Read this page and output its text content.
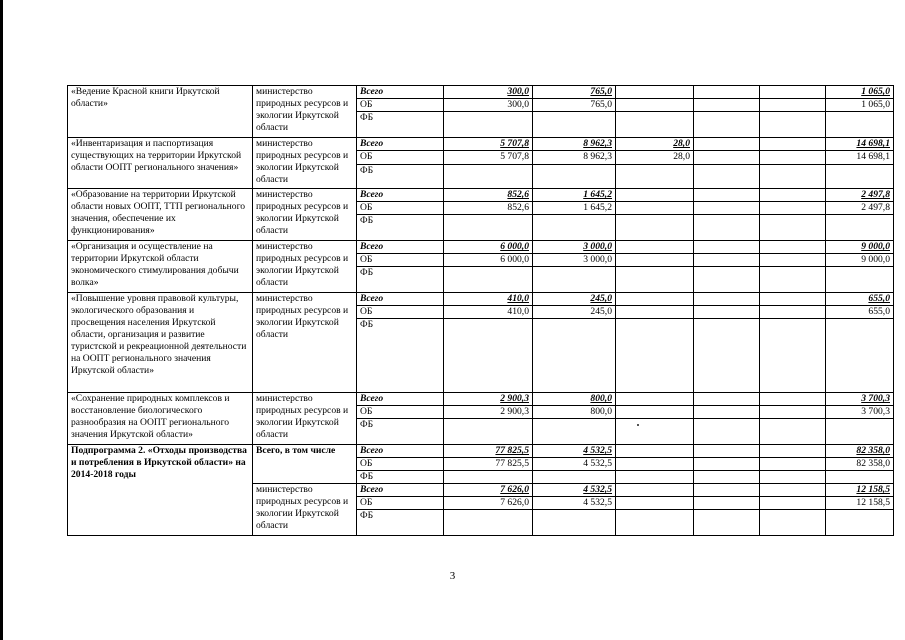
«Ведение Красной книги Иркутской области»	министерство природных ресурсов и экологии Иркутской области	Всего	300,0	765,0				1 065,0
		ОБ	300,0	765,0				1 065,0
		ФБ						
«Инвентаризация и паспортизация существующих на территории Иркутской области ООПТ регионального значения»	министерство природных ресурсов и экологии Иркутской области	Всего	5 707,8	8 962,3	28,0			14 698,1
		ОБ	5 707,8	8 962,3	28,0			14 698,1
		ФБ						
«Образование на территории Иркутской области новых ООПТ, ТТП регионального значения, обеспечение их функционирования»	министерство природных ресурсов и экологии Иркутской области	Всего	852,6	1 645,2				2 497,8
		ОБ	852,6	1 645,2				2 497,8
		ФБ						
«Организация и осуществление на территории Иркутской области экономического стимулирования добычи волка»	министерство природных ресурсов и экологии Иркутской области	Всего	6 000,0	3 000,0				9 000,0
		ОБ	6 000,0	3 000,0				9 000,0
		ФБ						
«Повышение уровня правовой культуры, экологического образования и просвещения населения Иркутской области, организация и развитие туристской и рекреационной деятельности на ООПТ регионального значения Иркутской области»	министерство природных ресурсов и экологии Иркутской области	Всего	410,0	245,0				655,0
		ОБ	410,0	245,0				655,0
		ФБ						
«Сохранение природных комплексов и восстановление биологического разнообразия на ООПТ регионального значения Иркутской области»	министерство природных ресурсов и экологии Иркутской области	Всего	2 900,3	800,0				3 700,3
		ОБ	2 900,3	800,0				3 700,3
		ФБ						
Подпрограмма 2. «Отходы производства и потребления в Иркутской области» на 2014-2018 годы	Всего, в том числе	Всего	77 825,5	4 532,5				82 358,0
		ОБ	77 825,5	4 532,5				82 358,0
		ФБ						
	министерство природных ресурсов и экологии Иркутской области	Всего	7 626,0	4 532,5				12 158,5
		ОБ	7 626,0	4 532,5				12 158,5
		ФБ						
3
